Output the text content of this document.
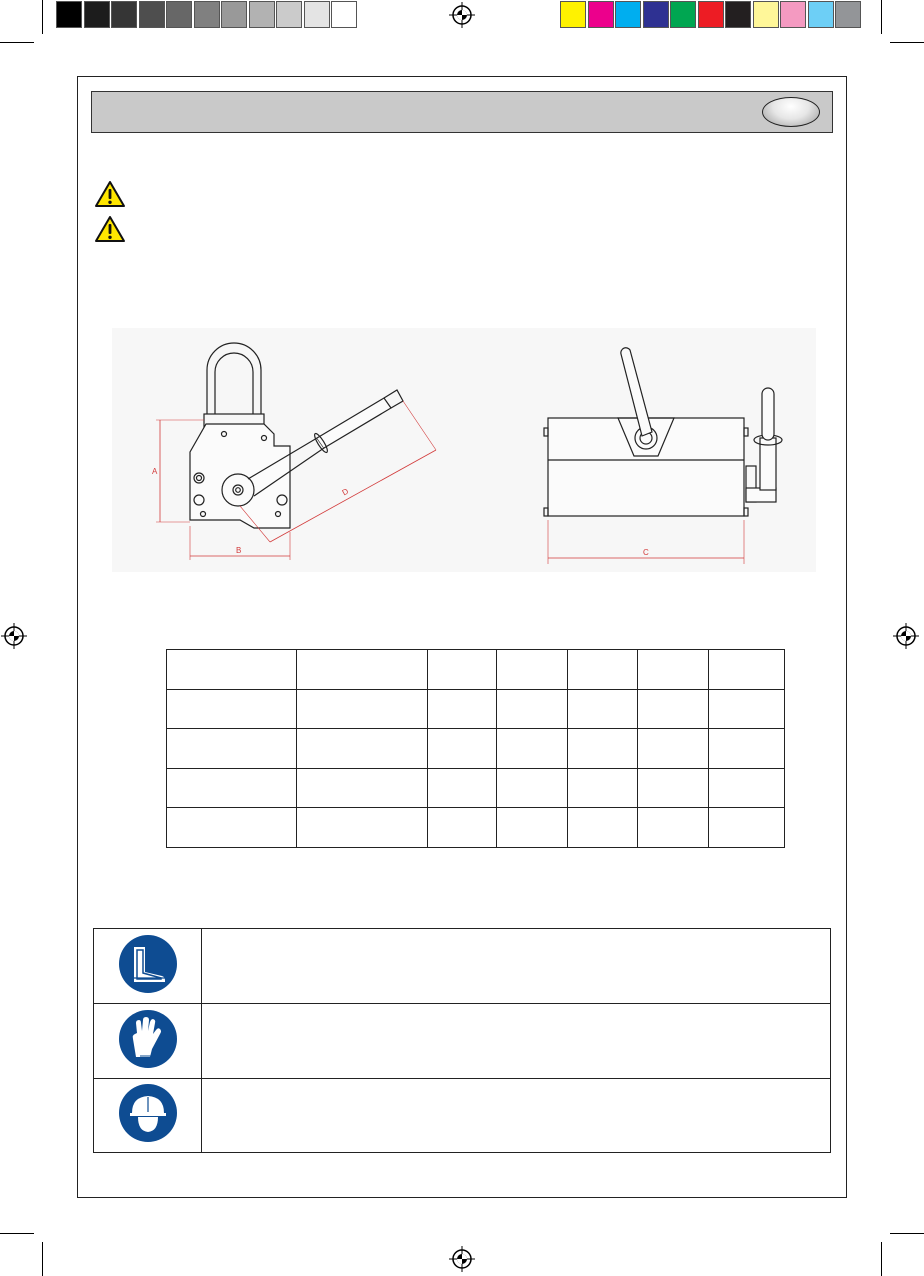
A
B
D
C
